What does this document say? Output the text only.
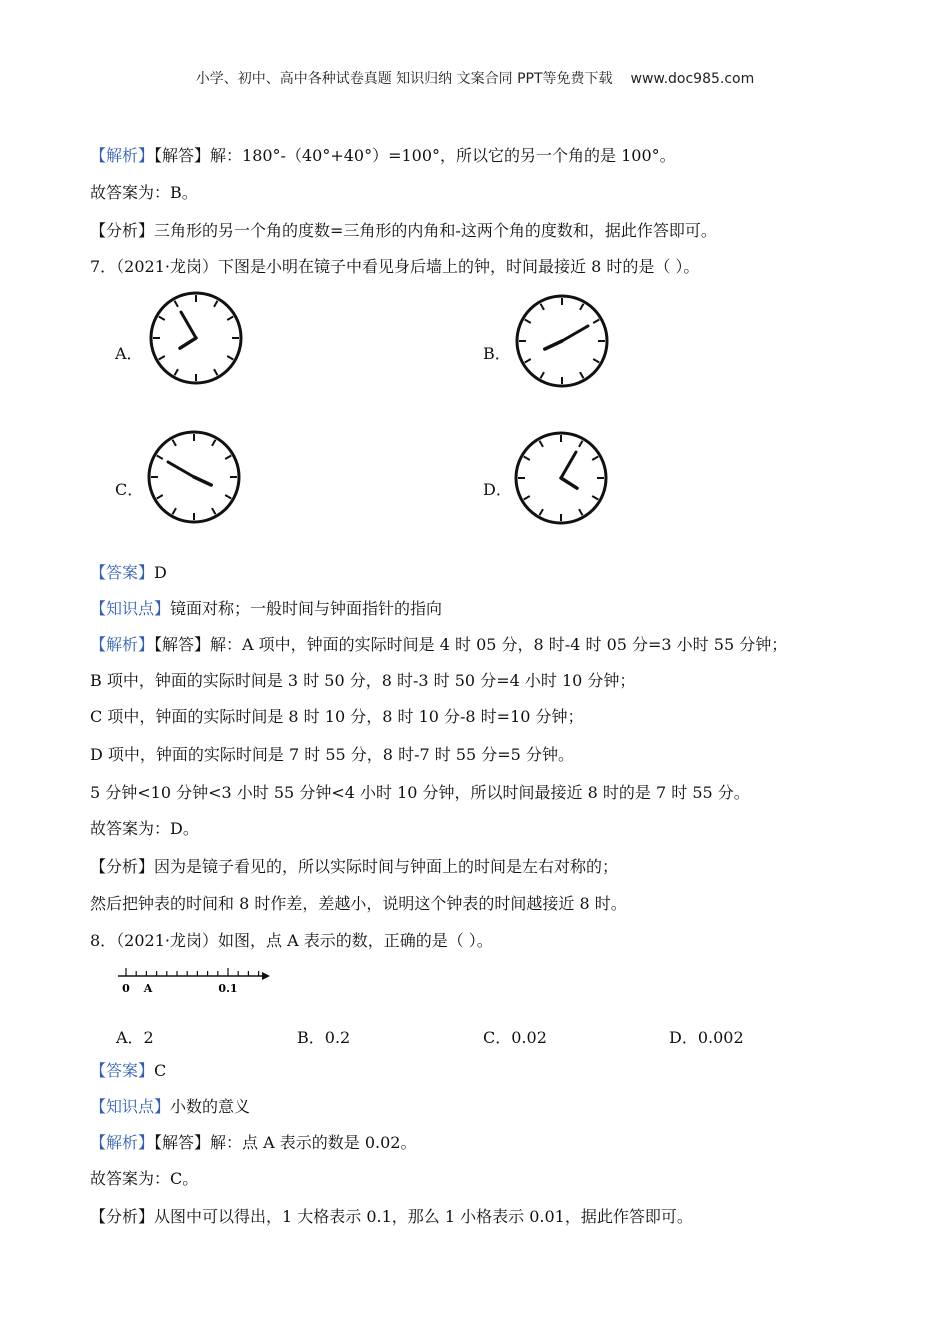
小学、初中、高中各种试卷真题 知识归纳 文案合同 PPT等免费下载 www.doc985.com
【解析】【解答】解：180°-（40°+40°）=100°，所以它的另一个角的是 100°。
故答案为：B。
【分析】三角形的另一个角的度数=三角形的内角和-这两个角的度数和，据此作答即可。
7．（2021·龙岗）下图是小明在镜子中看见身后墙上的钟，时间最接近 8 时的是（ ）。
A．	B．
C．	D．
【答案】D
【知识点】镜面对称；一般时间与钟面指针的指向
【解析】【解答】解：A 项中，钟面的实际时间是 4 时 05 分，8 时-4 时 05 分=3 小时 55 分钟；
B 项中，钟面的实际时间是 3 时 50 分，8 时-3 时 50 分=4 小时 10 分钟；
C 项中，钟面的实际时间是 8 时 10 分，8 时 10 分-8 时=10 分钟；
D 项中，钟面的实际时间是 7 时 55 分，8 时-7 时 55 分=5 分钟。
5 分钟<10 分钟<3 小时 55 分钟<4 小时 10 分钟，所以时间最接近 8 时的是 7 时 55 分。
故答案为：D。
【分析】因为是镜子看见的，所以实际时间与钟面上的时间是左右对称的；
然后把钟表的时间和 8 时作差，差越小，说明这个钟表的时间越接近 8 时。
8．（2021·龙岗）如图，点 A 表示的数，正确的是（ ）。
0 A	0.1
A．2	B．0.2	C．0.02	D．0.002
【答案】C
【知识点】小数的意义
【解析】【解答】解：点 A 表示的数是 0.02。
故答案为：C。
【分析】从图中可以得出，1 大格表示 0.1，那么 1 小格表示 0.01，据此作答即可。
